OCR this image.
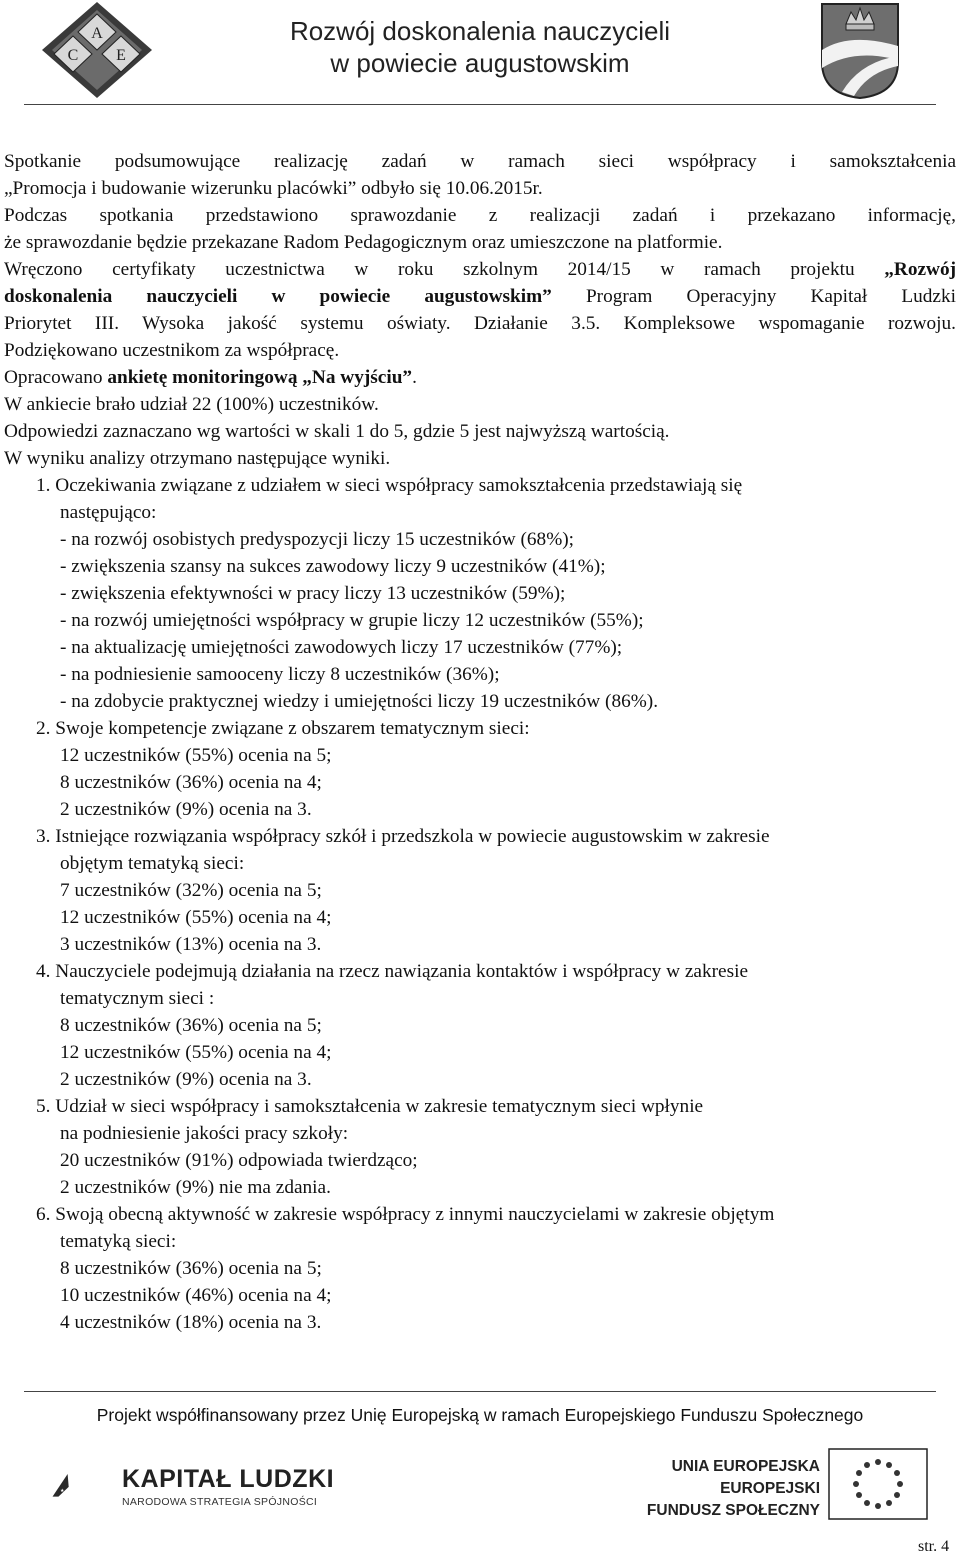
A
C E
Rozwój doskonalenia nauczycieli
w powiecie augustowskim

Spotkanie podsumowujące realizację zadań w ramach sieci współpracy i samokształcenia

„Promocja i budowanie wizerunku placówki” odbyło się 10.06.2015r.

Podczas spotkania przedstawiono sprawozdanie z realizacji zadań i przekazano informację,

że sprawozdanie będzie przekazane Radom Pedagogicznym oraz umieszczone na platformie.

Wręczono certyfikaty uczestnictwa w roku szkolnym 2014/15 w ramach projektu „Rozwój

doskonalenia nauczycieli w powiecie augustowskim” Program Operacyjny Kapitał Ludzki

Priorytet III. Wysoka jakość systemu oświaty. Działanie 3.5. Kompleksowe wspomaganie rozwoju.

Podziękowano uczestnikom za współpracę.

Opracowano ankietę monitoringową „Na wyjściu”.

W ankiecie brało udział 22 (100%) uczestników.

Odpowiedzi zaznaczano wg wartości w skali 1 do 5, gdzie 5 jest najwyższą wartością.

W wyniku analizy otrzymano następujące wyniki.

1. Oczekiwania związane z udziałem w sieci współpracy samokształcenia przedstawiają się

następująco:

- na rozwój osobistych predyspozycji liczy 15 uczestników (68%);

- zwiększenia szansy na sukces zawodowy liczy 9 uczestników (41%);

- zwiększenia efektywności w pracy liczy 13 uczestników (59%);

- na rozwój umiejętności współpracy w grupie liczy 12 uczestników (55%);

- na aktualizację umiejętności zawodowych liczy 17 uczestników (77%);

- na podniesienie samooceny liczy 8 uczestników (36%);

- na zdobycie praktycznej wiedzy i umiejętności liczy 19 uczestników (86%).

2. Swoje kompetencje związane z obszarem tematycznym sieci:

12 uczestników (55%) ocenia na 5;

8 uczestników (36%) ocenia na 4;

2 uczestników (9%) ocenia na 3.

3. Istniejące rozwiązania współpracy szkół i przedszkola w powiecie augustowskim w zakresie

objętym tematyką sieci:

7 uczestników (32%) ocenia na 5;

12 uczestników (55%) ocenia na 4;

3 uczestników (13%) ocenia na 3.

4. Nauczyciele podejmują działania na rzecz nawiązania kontaktów i współpracy w zakresie

tematycznym sieci :

8 uczestników (36%) ocenia na 5;

12 uczestników (55%) ocenia na 4;

2 uczestników (9%) ocenia na 3.

5. Udział w sieci współpracy i samokształcenia w zakresie tematycznym sieci wpłynie

na podniesienie jakości pracy szkoły:

20 uczestników (91%) odpowiada twierdząco;

2 uczestników (9%) nie ma zdania.

6. Swoją obecną aktywność w zakresie współpracy z innymi nauczycielami w zakresie objętym

tematyką sieci:

8 uczestników (36%) ocenia na 5;

10 uczestników (46%) ocenia na 4;

4 uczestników (18%) ocenia na 3.

Projekt współfinansowany przez Unię Europejską w ramach Europejskiego Funduszu Społecznego
KAPITAŁ LUDZKI
NARODOWA STRATEGIA SPÓJNOŚCI
UNIA EUROPEJSKA
EUROPEJSKI
FUNDUSZ SPOŁECZNY
str. 4
